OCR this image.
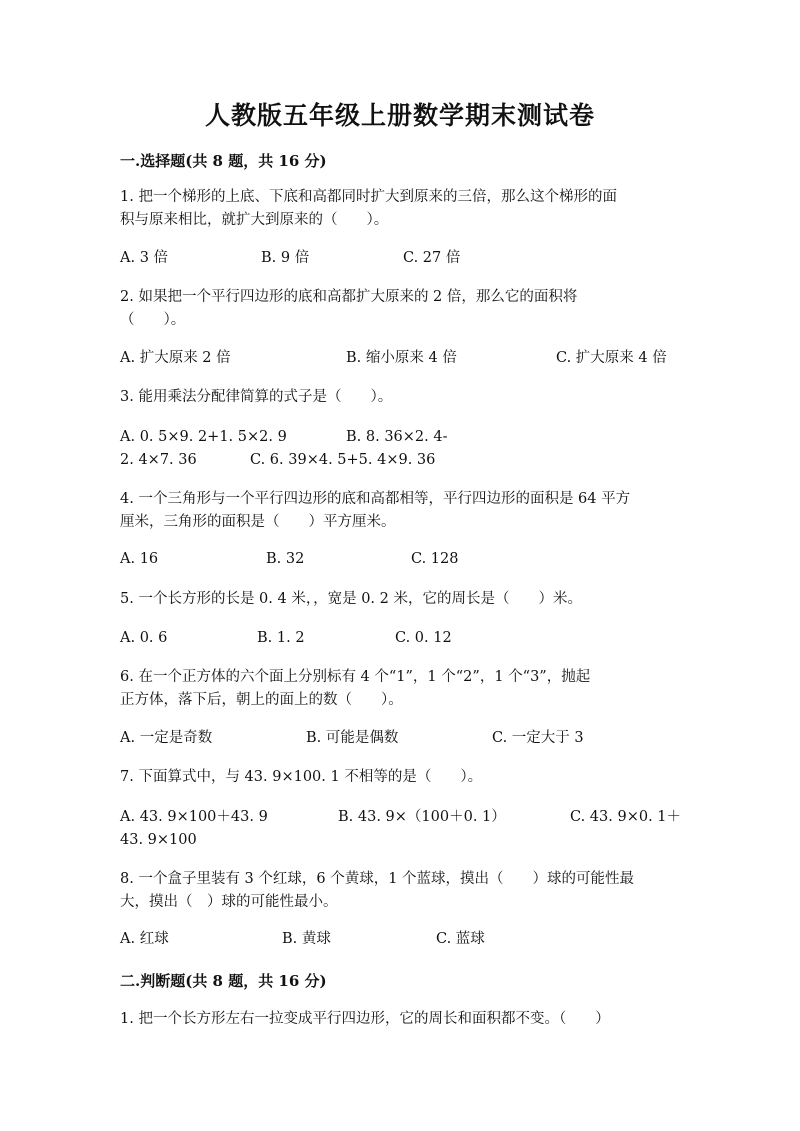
人教版五年级上册数学期末测试卷
一.选择题(共 8 题，共 16 分)
1. 把一个梯形的上底、下底和高都同时扩大到原来的三倍，那么这个梯形的面
积与原来相比，就扩大到原来的（　　）。
A. 3 倍	B. 9 倍	C. 27 倍
2. 如果把一个平行四边形的底和高都扩大原来的 2 倍，那么它的面积将
（　　）。
A. 扩大原来 2 倍	B. 缩小原来 4 倍	C. 扩大原来 4 倍
3. 能用乘法分配律简算的式子是（　　）。
A. 0. 5×9. 2+1. 5×2. 9	B. 8. 36×2. 4-
2. 4×7. 36	C. 6. 39×4. 5+5. 4×9. 36
4. 一个三角形与一个平行四边形的底和高都相等，平行四边形的面积是 64 平方
厘米，三角形的面积是（　　）平方厘米。
A. 16	B. 32	C. 128
5. 一个长方形的长是 0. 4 米，，宽是 0. 2 米，它的周长是（　　）米。
A. 0. 6	B. 1. 2	C. 0. 12
6. 在一个正方体的六个面上分别标有 4 个“1”，1 个“2”，1 个“3”，抛起
正方体，落下后，朝上的面上的数（　　）。
A. 一定是奇数	B. 可能是偶数	C. 一定大于 3
7. 下面算式中，与 43. 9×100. 1 不相等的是（　　）。
A. 43. 9×100＋43. 9	B. 43. 9×（100＋0. 1）	C. 43. 9×0. 1＋
43. 9×100
8. 一个盒子里装有 3 个红球，6 个黄球，1 个蓝球，摸出（　　）球的可能性最
大，摸出（　）球的可能性最小。
A. 红球	B. 黄球	C. 蓝球
二.判断题(共 8 题，共 16 分)
1. 把一个长方形左右一拉变成平行四边形，它的周长和面积都不变。（　　）
